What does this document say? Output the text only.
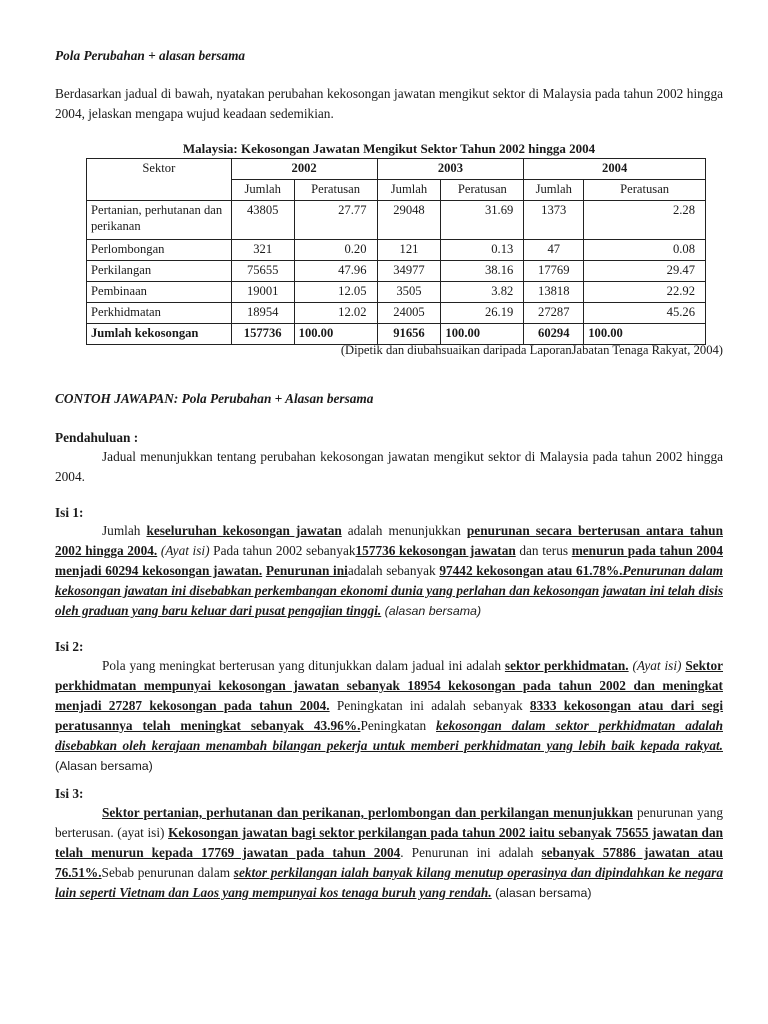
Pola Perubahan + alasan bersama
Berdasarkan jadual di bawah, nyatakan perubahan kekosongan jawatan mengikut sektor di Malaysia pada tahun 2002 hingga 2004, jelaskan mengapa wujud keadaan sedemikian.
Malaysia: Kekosongan Jawatan Mengikut Sektor Tahun 2002 hingga 2004
Sektor	2002		2003		2004	
	Jumlah	Peratusan	Jumlah	Peratusan	Jumlah	Peratusan
Pertanian, perhutanan dan perikanan	43805	27.77	29048	31.69	1373	2.28
Perlombongan	321	0.20	121	0.13	47	0.08
Perkilangan	75655	47.96	34977	38.16	17769	29.47
Pembinaan	19001	12.05	3505	3.82	13818	22.92
Perkhidmatan	18954	12.02	24005	26.19	27287	45.26
Jumlah kekosongan	157736	100.00	91656	100.00	60294	100.00
(Dipetik dan diubahsuaikan daripada LaporanJabatan Tenaga Rakyat, 2004)
CONTOH JAWAPAN: Pola Perubahan + Alasan bersama
Pendahuluan :
Jadual menunjukkan tentang perubahan kekosongan jawatan mengikut sektor di Malaysia pada tahun 2002 hingga 2004.
Isi 1:
Jumlah keseluruhan kekosongan jawatan adalah menunjukkan penurunan secara berterusan antara tahun 2002 hingga 2004. (Ayat isi) Pada tahun 2002 sebanyak157736 kekosongan jawatan dan terus menurun pada tahun 2004 menjadi 60294 kekosongan jawatan. Penurunan iniadalah sebanyak 97442 kekosongan atau 61.78%.Penurunan dalam kekosongan jawatan ini disebabkan perkembangan ekonomi dunia yang perlahan dan kekosongan jawatan ini telah disis oleh graduan yang baru keluar dari pusat pengajian tinggi. (alasan bersama)
Isi 2:
Pola yang meningkat berterusan yang ditunjukkan dalam jadual ini adalah sektor perkhidmatan. (Ayat isi) Sektor perkhidmatan mempunyai kekosongan jawatan sebanyak 18954 kekosongan pada tahun 2002 dan meningkat menjadi 27287 kekosongan pada tahun 2004. Peningkatan ini adalah sebanyak 8333 kekosongan atau dari segi peratusannya telah meningkat sebanyak 43.96%.Peningkatan kekosongan dalam sektor perkhidmatan adalah disebabkan oleh kerajaan menambah bilangan pekerja untuk memberi perkhidmatan yang lebih baik kepada rakyat. (Alasan bersama)
Isi 3:
Sektor pertanian, perhutanan dan perikanan, perlombongan dan perkilangan menunjukkan penurunan yang berterusan. (ayat isi) Kekosongan jawatan bagi sektor perkilangan pada tahun 2002 iaitu sebanyak 75655 jawatan dan telah menurun kepada 17769 jawatan pada tahun 2004. Penurunan ini adalah sebanyak 57886 jawatan atau 76.51%.Sebab penurunan dalam sektor perkilangan ialah banyak kilang menutup operasinya dan dipindahkan ke negara lain seperti Vietnam dan Laos yang mempunyai kos tenaga buruh yang rendah. (alasan bersama)
